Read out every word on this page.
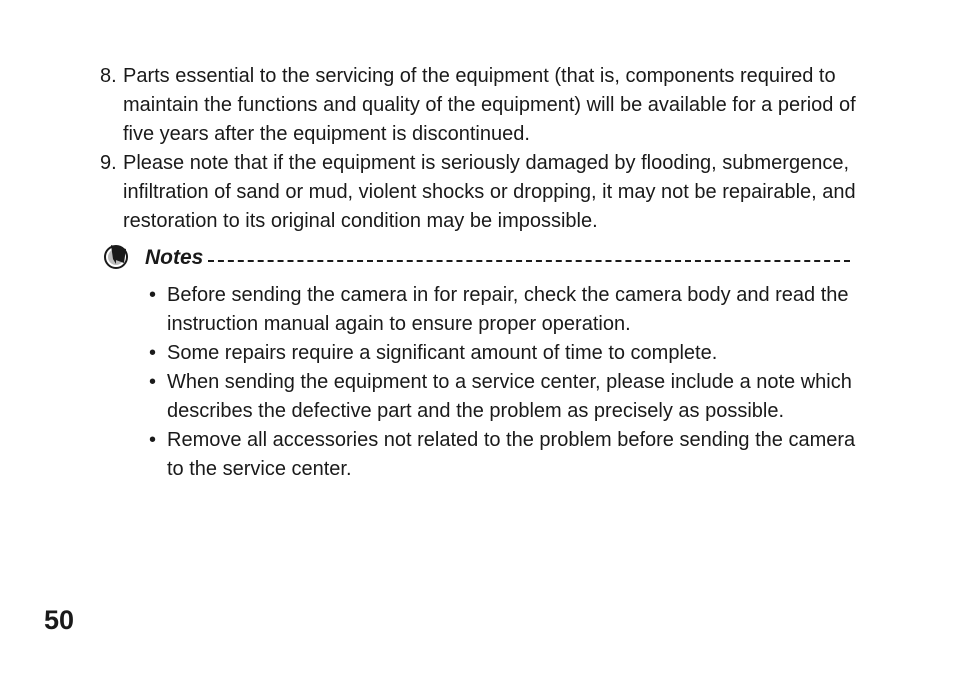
8. Parts essential to the servicing of the equipment (that is, components required to maintain the functions and quality of the equipment) will be available for a period of five years after the equipment is discontinued.
9. Please note that if the equipment is seriously damaged by flooding, submergence, infiltration of sand or mud, violent shocks or dropping, it may not be repairable, and restoration to its original condition may be impossible.
Notes
• Before sending the camera in for repair, check the camera body and read the instruction manual again to ensure proper operation.
• Some repairs require a significant amount of time to complete.
• When sending the equipment to a service center, please include a note which describes the defective part and the problem as precisely as possible.
• Remove all accessories not related to the problem before sending the camera to the service center.
50
